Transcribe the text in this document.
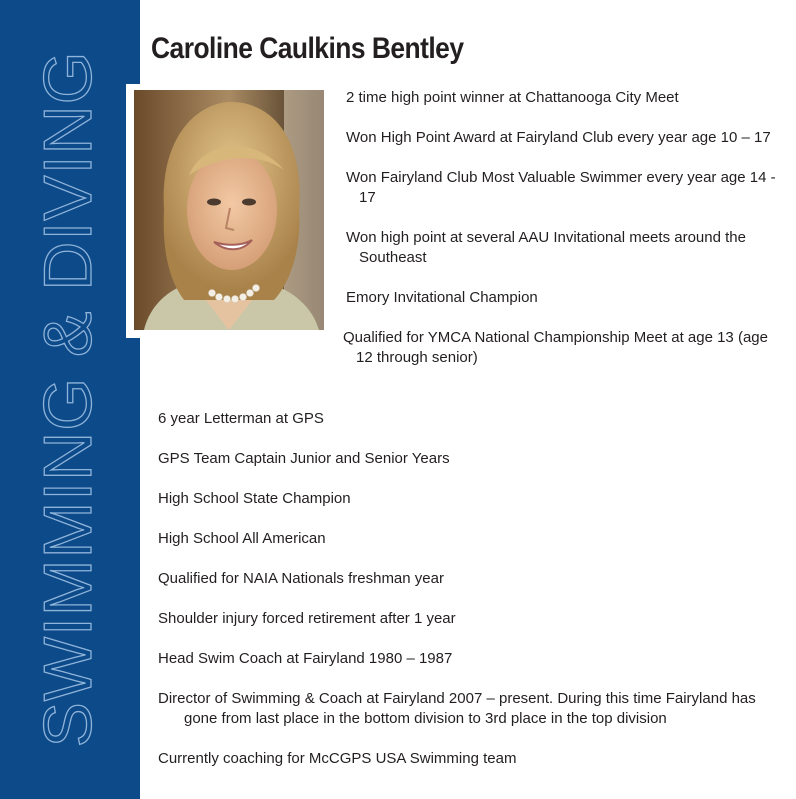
SWIMMING & DIVING
Caroline Caulkins Bentley
2 time high point winner at Chattanooga City Meet
Won High Point Award at Fairyland Club every year age 10 – 17
Won Fairyland Club Most Valuable Swimmer every year age 14 - 17
Won high point at several AAU Invitational meets around the Southeast
Emory Invitational Champion
Qualified for YMCA National Championship Meet at age 13 (age 12 through senior)
6 year Letterman at GPS
GPS Team Captain Junior and Senior Years
High School State Champion
High School All American
Qualified for NAIA Nationals freshman year
Shoulder injury forced retirement after 1 year
Head Swim Coach at Fairyland 1980 – 1987
Director of Swimming & Coach at Fairyland 2007 – present. During this time Fairyland has gone from last place in the bottom division to 3rd place in the top division
Currently coaching for McCGPS USA Swimming team
